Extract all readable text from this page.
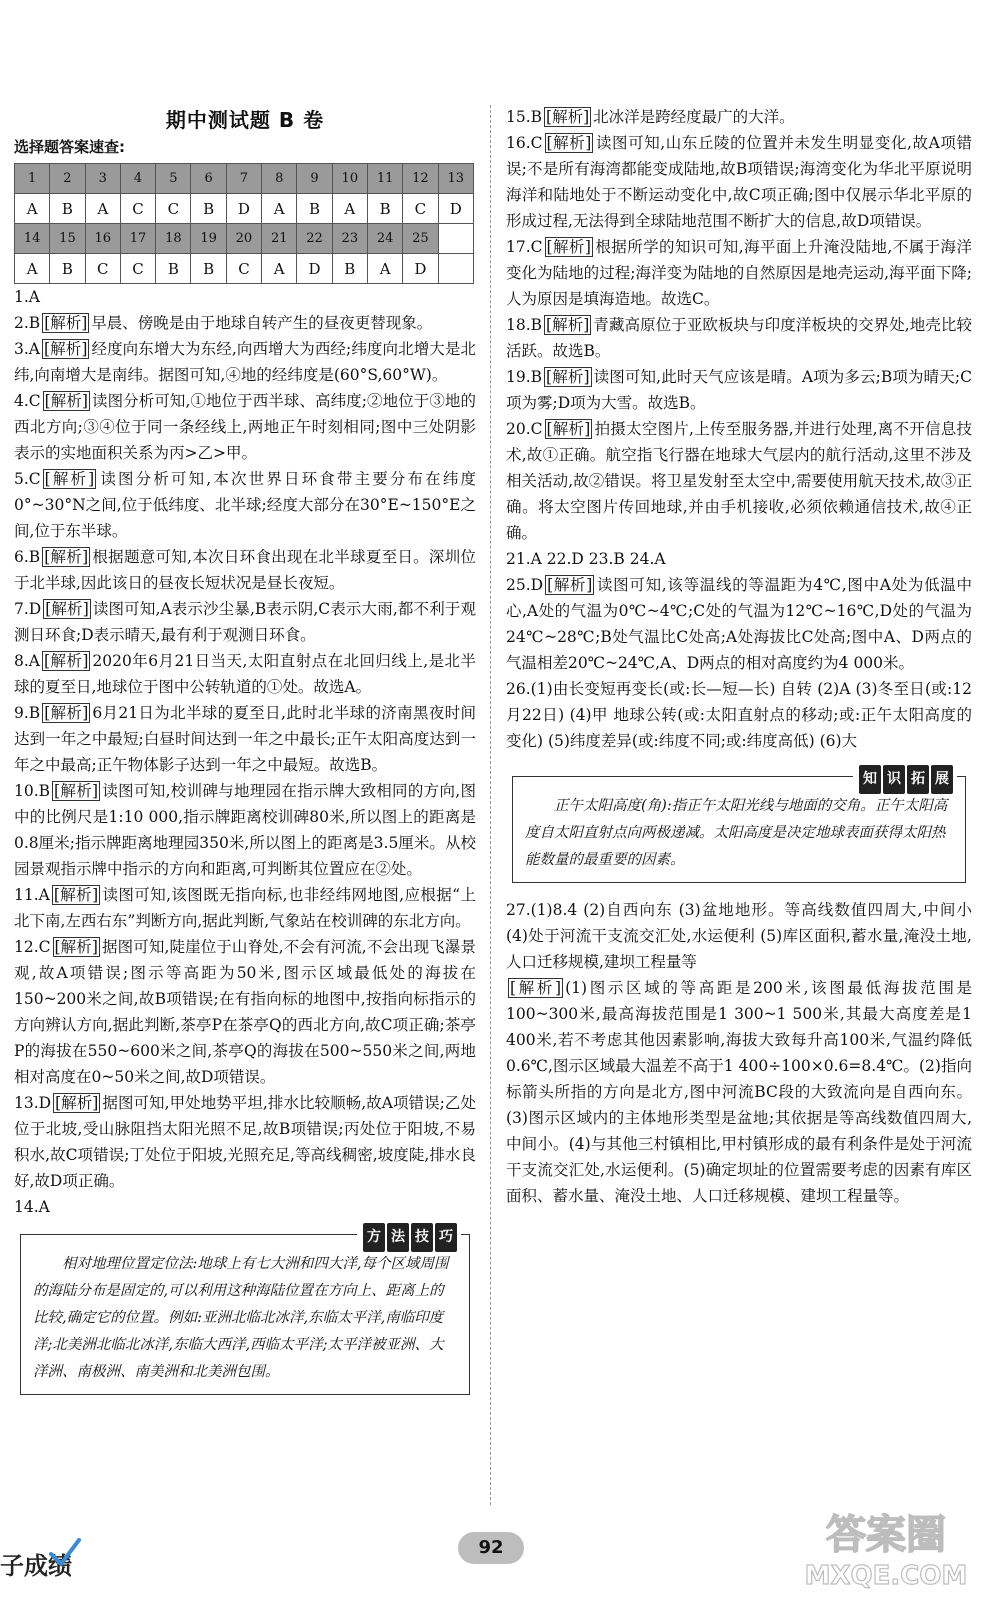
期中测试题 B 卷
选择题答案速查:
1	2	3	4	5	6	7	8	9	10	11	12	13
A	B	A	C	C	B	D	A	B	A	B	C	D
14	15	16	17	18	19	20	21	22	23	24	25	
A	B	C	C	B	B	C	A	D	B	A	D	
1.A
2.B [解析] 早晨、傍晚是由于地球自转产生的昼夜更替现象。
3.A [解析] 经度向东增大为东经,向西增大为西经;纬度向北增大是北纬,向南增大是南纬。据图可知,④地的经纬度是(60°S,60°W)。
4.C [解析] 读图分析可知,①地位于西半球、高纬度;②地位于③地的西北方向;③④位于同一条经线上,两地正午时刻相同;图中三处阴影表示的实地面积关系为丙>乙>甲。
5.C [解析] 读图分析可知,本次世界日环食带主要分布在纬度0°~30°N之间,位于低纬度、北半球;经度大部分在30°E~150°E之间,位于东半球。
6.B [解析] 根据题意可知,本次日环食出现在北半球夏至日。深圳位于北半球,因此该日的昼夜长短状况是昼长夜短。
7.D [解析] 读图可知,A表示沙尘暴,B表示阴,C表示大雨,都不利于观测日环食;D表示晴天,最有利于观测日环食。
8.A [解析] 2020年6月21日当天,太阳直射点在北回归线上,是北半球的夏至日,地球位于图中公转轨道的①处。故选A。
9.B [解析] 6月21日为北半球的夏至日,此时北半球的济南黑夜时间达到一年之中最短;白昼时间达到一年之中最长;正午太阳高度达到一年之中最高;正午物体影子达到一年之中最短。故选B。
10.B [解析] 读图可知,校训碑与地理园在指示牌大致相同的方向,图中的比例尺是1:10 000,指示牌距离校训碑80米,所以图上的距离是0.8厘米;指示牌距离地理园350米,所以图上的距离是3.5厘米。从校园景观指示牌中指示的方向和距离,可判断其位置应在②处。
11.A [解析] 读图可知,该图既无指向标,也非经纬网地图,应根据“上北下南,左西右东”判断方向,据此判断,气象站在校训碑的东北方向。
12.C [解析] 据图可知,陡崖位于山脊处,不会有河流,不会出现飞瀑景观,故A项错误;图示等高距为50米,图示区域最低处的海拔在150~200米之间,故B项错误;在有指向标的地图中,按指向标指示的方向辨认方向,据此判断,茶亭P在茶亭Q的西北方向,故C项正确;茶亭P的海拔在550~600米之间,茶亭Q的海拔在500~550米之间,两地相对高度在0~50米之间,故D项错误。
13.D [解析] 据图可知,甲处地势平坦,排水比较顺畅,故A项错误;乙处位于北坡,受山脉阻挡太阳光照不足,故B项错误;丙处位于阳坡,不易积水,故C项错误;丁处位于阳坡,光照充足,等高线稠密,坡度陡,排水良好,故D项正确。
14.A
方 法 技 巧
相对地理位置定位法:地球上有七大洲和四大洋,每个区域周围的海陆分布是固定的,可以利用这种海陆位置在方向上、距离上的比较,确定它的位置。例如:亚洲北临北冰洋,东临太平洋,南临印度洋;北美洲北临北冰洋,东临大西洋,西临太平洋;太平洋被亚洲、大洋洲、南极洲、南美洲和北美洲包围。
15.B [解析] 北冰洋是跨经度最广的大洋。
16.C [解析] 读图可知,山东丘陵的位置并未发生明显变化,故A项错误;不是所有海湾都能变成陆地,故B项错误;海湾变化为华北平原说明海洋和陆地处于不断运动变化中,故C项正确;图中仅展示华北平原的形成过程,无法得到全球陆地范围不断扩大的信息,故D项错误。
17.C [解析] 根据所学的知识可知,海平面上升淹没陆地,不属于海洋变化为陆地的过程;海洋变为陆地的自然原因是地壳运动,海平面下降;人为原因是填海造地。故选C。
18.B [解析] 青藏高原位于亚欧板块与印度洋板块的交界处,地壳比较活跃。故选B。
19.B [解析] 读图可知,此时天气应该是晴。A项为多云;B项为晴天;C项为雾;D项为大雪。故选B。
20.C [解析] 拍摄太空图片,上传至服务器,并进行处理,离不开信息技术,故①正确。航空指飞行器在地球大气层内的航行活动,这里不涉及相关活动,故②错误。将卫星发射至太空中,需要使用航天技术,故③正确。将太空图片传回地球,并由手机接收,必须依赖通信技术,故④正确。
21.A 22.D 23.B 24.A
25.D [解析] 读图可知,该等温线的等温距为4℃,图中A处为低温中心,A处的气温为0℃~4℃;C处的气温为12℃~16℃,D处的气温为24℃~28℃;B处气温比C处高;A处海拔比C处高;图中A、D两点的气温相差20℃~24℃,A、D两点的相对高度约为4 000米。
26.(1)由长变短再变长(或:长—短—长) 自转 (2)A (3)冬至日(或:12月22日) (4)甲 地球公转(或:太阳直射点的移动;或:正午太阳高度的变化) (5)纬度差异(或:纬度不同;或:纬度高低) (6)大
知 识 拓 展
正午太阳高度(角):指正午太阳光线与地面的交角。正午太阳高度自太阳直射点向两极递减。太阳高度是决定地球表面获得太阳热能数量的最重要的因素。
27.(1)8.4 (2)自西向东 (3)盆地地形。等高线数值四周大,中间小 (4)处于河流干支流交汇处,水运便利 (5)库区面积,蓄水量,淹没土地,人口迁移规模,建坝工程量等
[解析] (1)图示区域的等高距是200米,该图最低海拔范围是100~300米,最高海拔范围是1 300~1 500米,其最大高度差是1 400米,若不考虑其他因素影响,海拔大致每升高100米,气温约降低0.6℃,图示区域最大温差不高于1 400÷100×0.6=8.4℃。(2)指向标箭头所指的方向是北方,图中河流BC段的大致流向是自西向东。(3)图示区域内的主体地形类型是盆地;其依据是等高线数值四周大,中间小。(4)与其他三村镇相比,甲村镇形成的最有利条件是处于河流干支流交汇处,水运便利。(5)确定坝址的位置需要考虑的因素有库区面积、蓄水量、淹没土地、人口迁移规模、建坝工程量等。
子成绩
92	答案圈
MXQE.COM
